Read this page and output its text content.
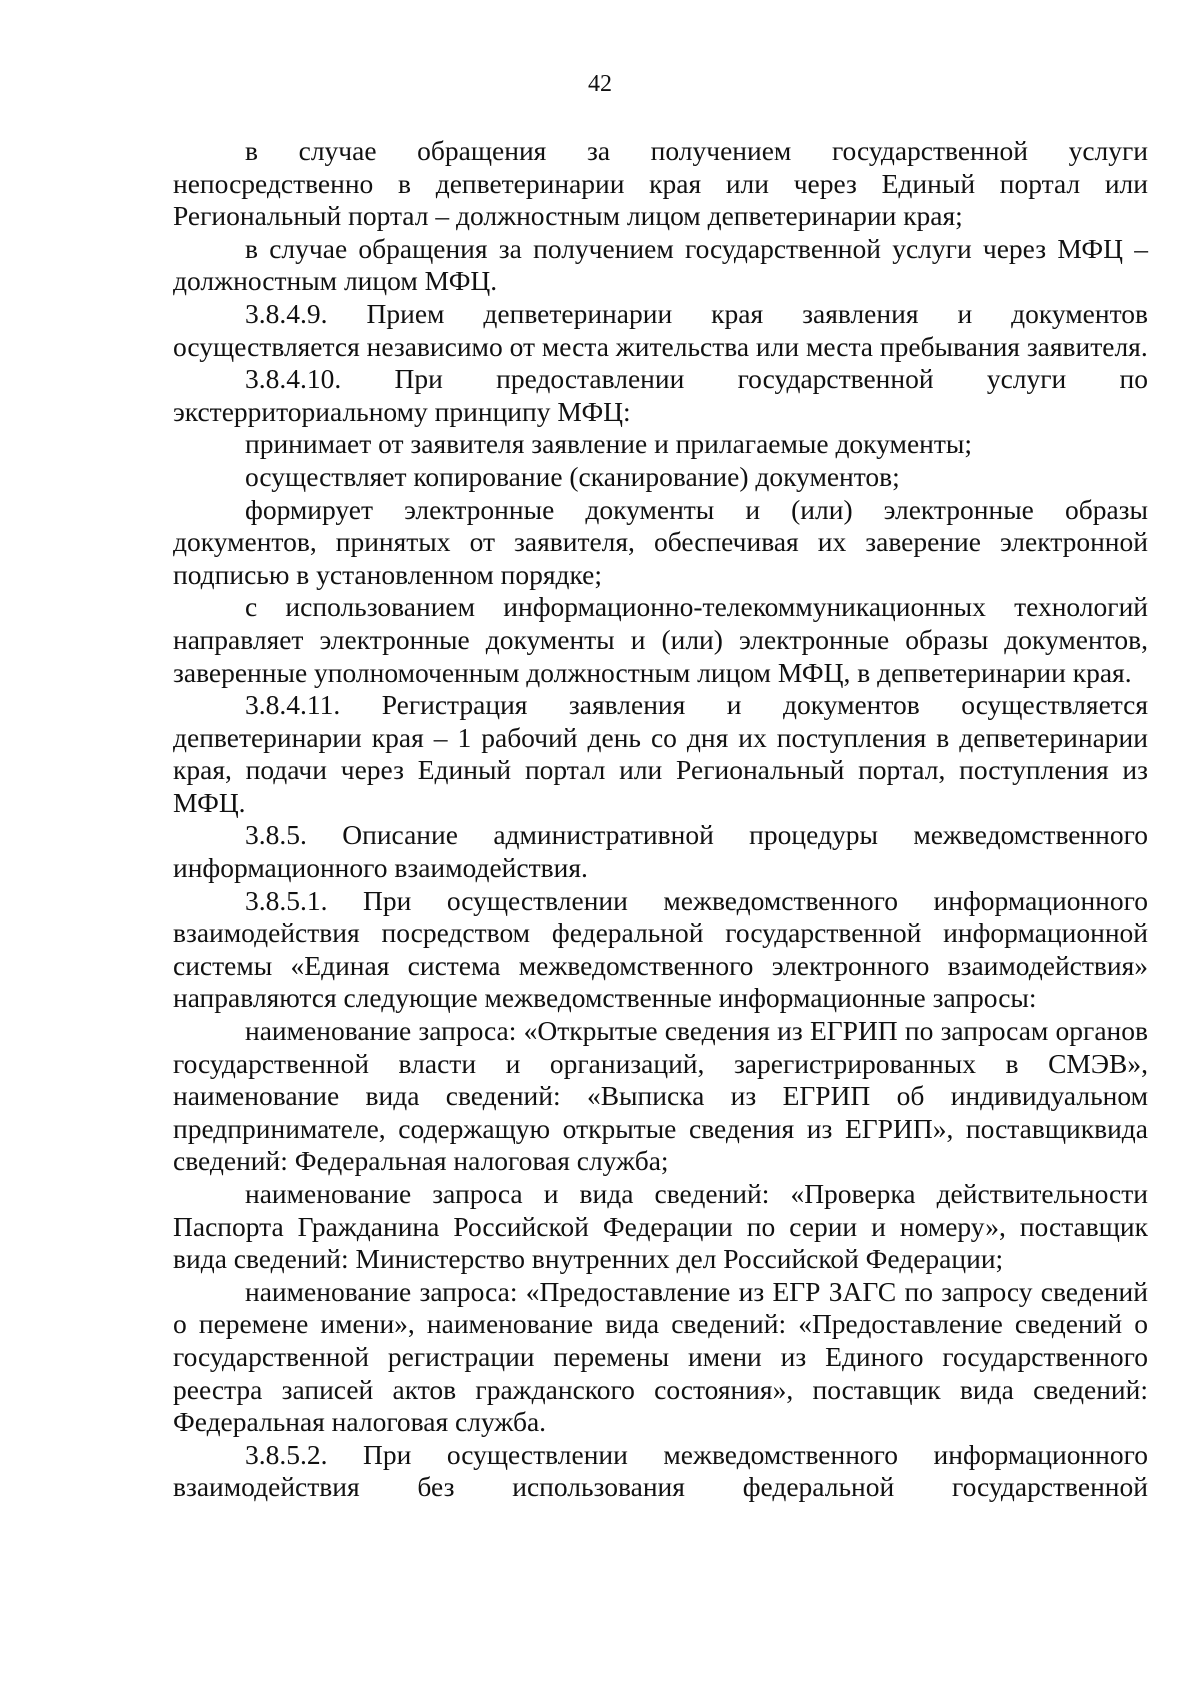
42

в случае обращения за получением государственной услуги непосредственно в депветеринарии края или через Единый портал или Региональный портал – должностным лицом депветеринарии края;

в случае обращения за получением государственной услуги через МФЦ – должностным лицом МФЦ.

3.8.4.9. Прием депветеринарии края заявления и документов осуществляется независимо от места жительства или места пребывания заявителя.

3.8.4.10. При предоставлении государственной услуги по экстерриториальному принципу МФЦ:

принимает от заявителя заявление и прилагаемые документы;

осуществляет копирование (сканирование) документов;

формирует электронные документы и (или) электронные образы документов, принятых от заявителя, обеспечивая их заверение электронной подписью в установленном порядке;

с использованием информационно-телекоммуникационных технологий направляет электронные документы и (или) электронные образы документов, заверенные уполномоченным должностным лицом МФЦ, в депветеринарии края.

3.8.4.11. Регистрация заявления и документов осуществляется депветеринарии края – 1 рабочий день со дня их поступления в депветеринарии края, подачи через Единый портал или Региональный портал, поступления из МФЦ.

3.8.5. Описание административной процедуры межведомственного информационного взаимодействия.

3.8.5.1. При осуществлении межведомственного информационного взаимодействия посредством федеральной государственной информационной системы «Единая система межведомственного электронного взаимодействия» направляются следующие межведомственные информационные запросы:

наименование запроса: «Открытые сведения из ЕГРИП по запросам органов государственной власти и организаций, зарегистрированных в СМЭВ», наименование вида сведений: «Выписка из ЕГРИП об индивидуальном предпринимателе, содержащую открытые сведения из ЕГРИП», поставщиквида сведений: Федеральная налоговая служба;

наименование запроса и вида сведений: «Проверка действительности Паспорта Гражданина Российской Федерации по серии и номеру», поставщик вида сведений: Министерство внутренних дел Российской Федерации;

наименование запроса: «Предоставление из ЕГР ЗАГС по запросу сведений о перемене имени», наименование вида сведений: «Предоставление сведений о государственной регистрации перемены имени из Единого государственного реестра записей актов гражданского состояния», поставщик вида сведений: Федеральная налоговая служба.

3.8.5.2. При осуществлении межведомственного информационного взаимодействия без использования федеральной государственной
